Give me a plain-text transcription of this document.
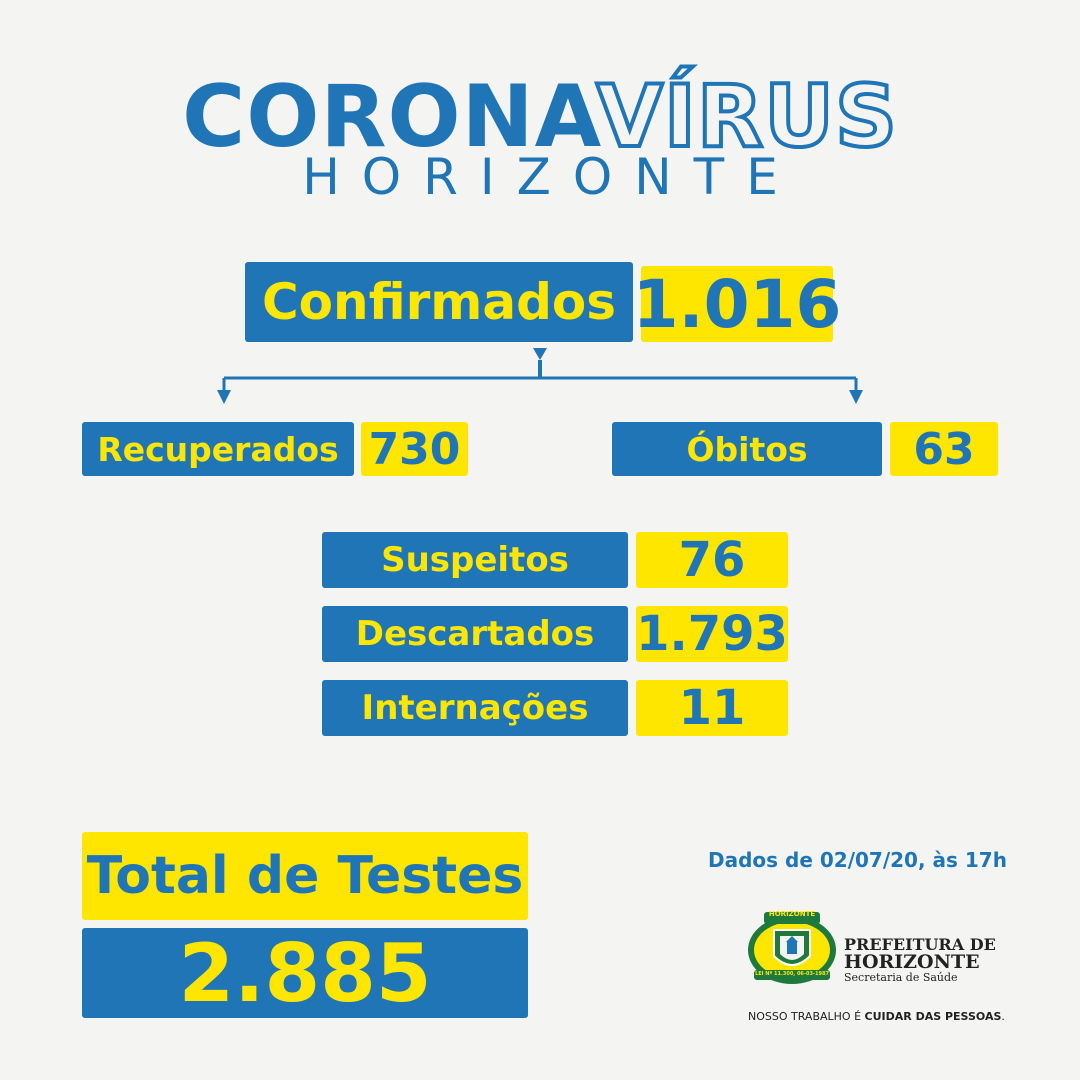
CORONAVÍRUS
HORIZONTE
Confirmados 1.016
Recuperados 730	Óbitos	63
Suspeitos	76
Descartados 1.793
Internações	11
Total de Testes
2.885
Dados de 02/07/20, às 17h
HORIZONTE
LEI Nº 11.300, 06-03-1987
PREFEITURA DE
HORIZONTE
Secretaria de Saúde
NOSSO TRABALHO É CUIDAR DAS PESSOAS.
